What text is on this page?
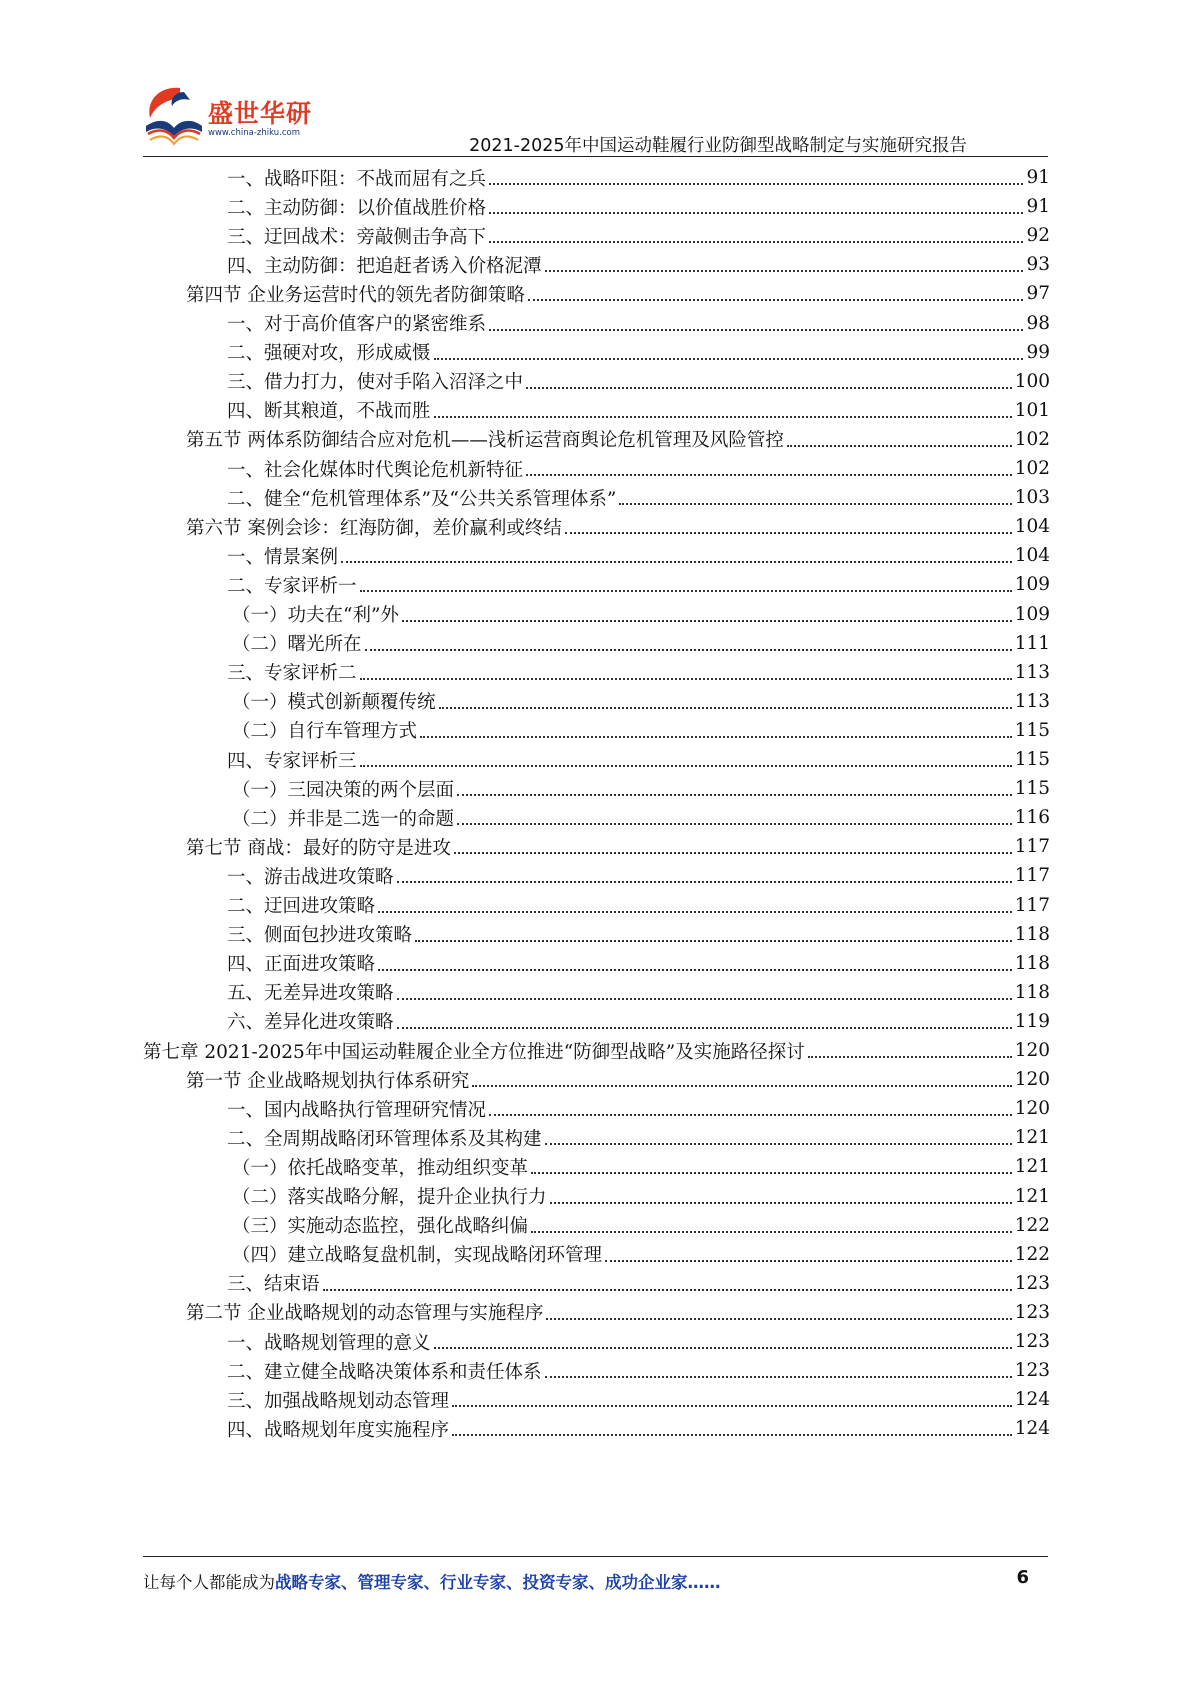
盛世华研
www.china-zhiku.com
2021-2025年中国运动鞋履行业防御型战略制定与实施研究报告
一、战略吓阻：不战而屈有之兵	91
二、主动防御：以价值战胜价格	91
三、迂回战术：旁敲侧击争高下	92
四、主动防御：把追赶者诱入价格泥潭	93
第四节 企业务运营时代的领先者防御策略	97
一、对于高价值客户的紧密维系	98
二、强硬对攻，形成威慑	99
三、借力打力，使对手陷入沼泽之中	100
四、断其粮道，不战而胜	101
第五节 两体系防御结合应对危机——浅析运营商舆论危机管理及风险管控	102
一、社会化媒体时代舆论危机新特征	102
二、健全“危机管理体系”及“公共关系管理体系”	103
第六节 案例会诊：红海防御，差价赢利或终结	104
一、情景案例	104
二、专家评析一	109
（一）功夫在“利”外	109
（二）曙光所在	111
三、专家评析二	113
（一）模式创新颠覆传统	113
（二）自行车管理方式	115
四、专家评析三	115
（一）三园决策的两个层面	115
（二）并非是二选一的命题	116
第七节 商战：最好的防守是进攻	117
一、游击战进攻策略	117
二、迂回进攻策略	117
三、侧面包抄进攻策略	118
四、正面进攻策略	118
五、无差异进攻策略	118
六、差异化进攻策略	119
第七章 2021-2025年中国运动鞋履企业全方位推进“防御型战略”及实施路径探讨	120
第一节 企业战略规划执行体系研究	120
一、国内战略执行管理研究情况	120
二、全周期战略闭环管理体系及其构建	121
（一）依托战略变革，推动组织变革	121
（二）落实战略分解，提升企业执行力	121
（三）实施动态监控，强化战略纠偏	122
（四）建立战略复盘机制，实现战略闭环管理	122
三、结束语	123
第二节 企业战略规划的动态管理与实施程序	123
一、战略规划管理的意义	123
二、建立健全战略决策体系和责任体系	123
三、加强战略规划动态管理	124
四、战略规划年度实施程序	124
让每个人都能成为战略专家、管理专家、行业专家、投资专家、成功企业家……	6
